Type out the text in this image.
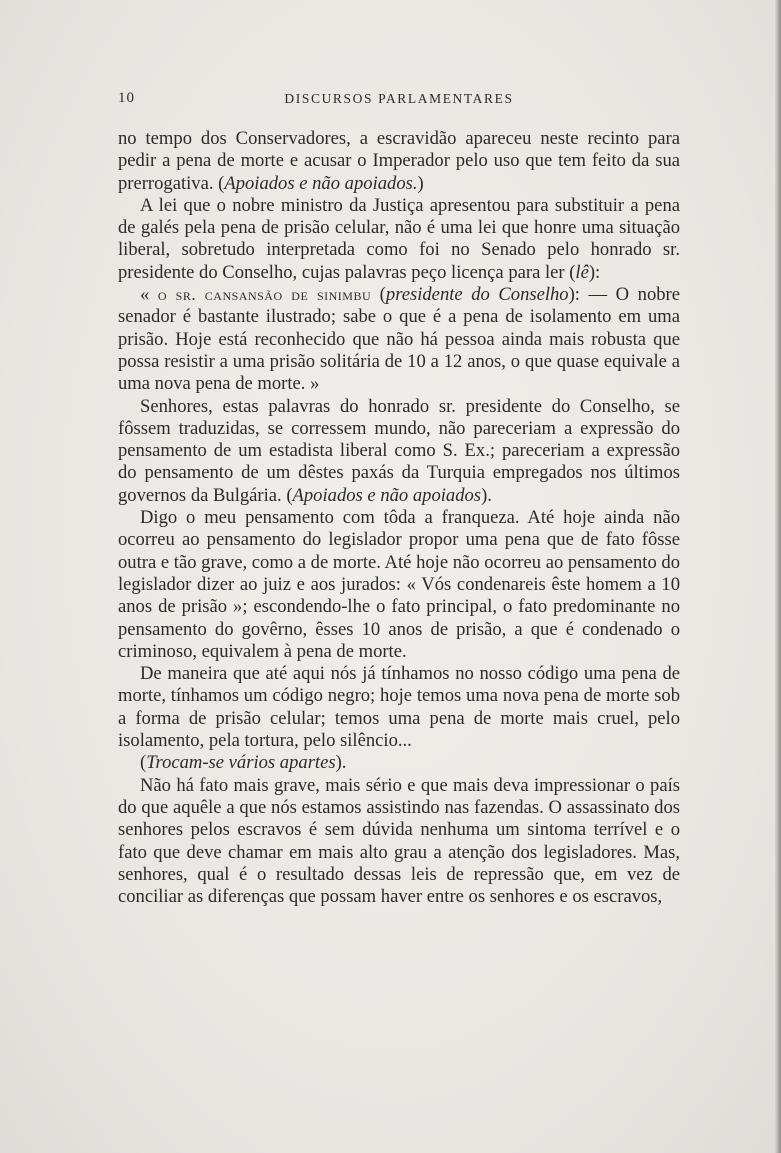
10	DISCURSOS PARLAMENTARES

no tempo dos Conservadores, a escravidão apareceu neste recinto para pedir a pena de morte e acusar o Imperador pelo uso que tem feito da sua prerrogativa. (Apoiados e não apoiados.)

A lei que o nobre ministro da Justiça apresentou para substituir a pena de galés pela pena de prisão celular, não é uma lei que honre uma situação liberal, sobretudo interpretada como foi no Senado pelo honrado sr. presidente do Conselho, cujas palavras peço licença para ler (lê):

« o sr. cansansão de sinimbu (presidente do Conselho): — O nobre senador é bastante ilustrado; sabe o que é a pena de isolamento em uma prisão. Hoje está reconhecido que não há pessoa ainda mais robusta que possa resistir a uma prisão solitária de 10 a 12 anos, o que quase equivale a uma nova pena de morte. »

Senhores, estas palavras do honrado sr. presidente do Conselho, se fôssem traduzidas, se corressem mundo, não pareceriam a expressão do pensamento de um estadista liberal como S. Ex.; pareceriam a expressão do pensamento de um dêstes paxás da Turquia empregados nos últimos governos da Bulgária. (Apoiados e não apoiados).

Digo o meu pensamento com tôda a franqueza. Até hoje ainda não ocorreu ao pensamento do legislador propor uma pena que de fato fôsse outra e tão grave, como a de morte. Até hoje não ocorreu ao pensamento do legislador dizer ao juiz e aos jurados: « Vós condenareis êste homem a 10 anos de prisão »; escondendo-lhe o fato principal, o fato predominante no pensamento do govêrno, êsses 10 anos de prisão, a que é condenado o criminoso, equivalem à pena de morte.

De maneira que até aqui nós já tínhamos no nosso código uma pena de morte, tínhamos um código negro; hoje temos uma nova pena de morte sob a forma de prisão celular; temos uma pena de morte mais cruel, pelo isolamento, pela tortura, pelo silêncio...

(Trocam-se vários apartes).

Não há fato mais grave, mais sério e que mais deva impressionar o país do que aquêle a que nós estamos assistindo nas fazendas. O assassinato dos senhores pelos escravos é sem dúvida nenhuma um sintoma terrível e o fato que deve chamar em mais alto grau a atenção dos legisladores. Mas, senhores, qual é o resultado dessas leis de repressão que, em vez de conciliar as diferenças que possam haver entre os senhores e os escravos,
